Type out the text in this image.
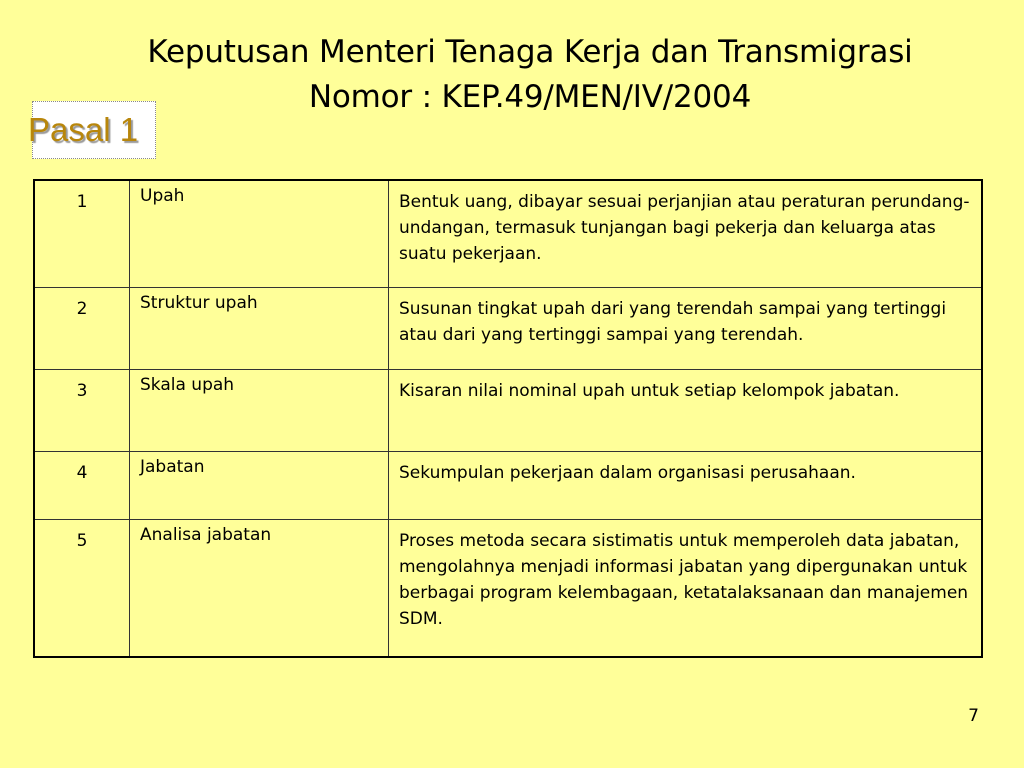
Keputusan Menteri Tenaga Kerja dan Transmigrasi
Nomor : KEP.49/MEN/IV/2004
Pasal 1
1	Upah	Bentuk uang, dibayar sesuai perjanjian atau peraturan perundang-undangan, termasuk tunjangan bagi pekerja dan keluarga atas suatu pekerjaan.
2	Struktur upah	Susunan tingkat upah dari yang terendah sampai yang tertinggi atau dari yang tertinggi sampai yang terendah.
3	Skala upah	Kisaran nilai nominal upah untuk setiap kelompok jabatan.
4	Jabatan	Sekumpulan pekerjaan dalam organisasi perusahaan.
5	Analisa jabatan	Proses metoda secara sistimatis untuk memperoleh data jabatan, mengolahnya menjadi informasi jabatan yang dipergunakan untuk berbagai program kelembagaan, ketatalaksanaan dan manajemen SDM.
7
